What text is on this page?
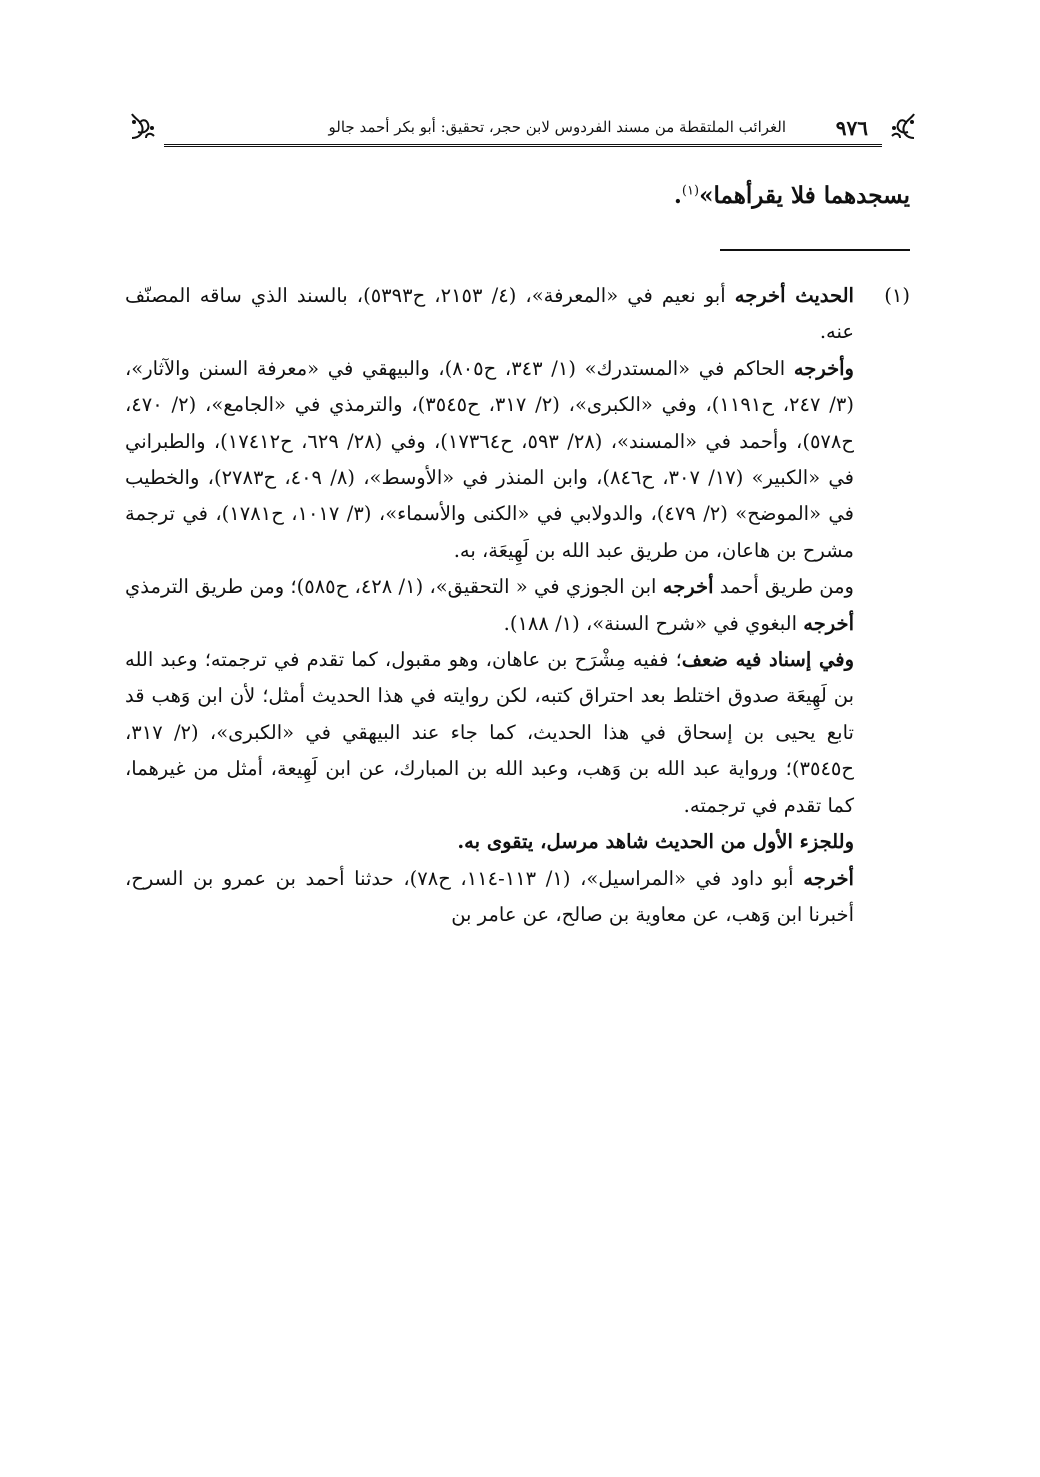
٩٧٦
الغرائب الملتقطة من مسند الفردوس لابن حجر، تحقيق: أبو بكر أحمد جالو
يسجدهما فلا يقرأهما»$^{(١)}$.
(١)

الحديث أخرجه أبو نعيم في «المعرفة»، (٤/ ٢١٥٣، ح٥٣٩٣)، بالسند الذي ساقه المصنّف عنه.

وأخرجه الحاكم في «المستدرك» (١/ ٣٤٣، ح٨٠٥)، والبيهقي في «معرفة السنن والآثار»، (٣/ ٢٤٧، ح١١٩١)، وفي «الكبرى»، (٢/ ٣١٧، ح٣٥٤٥)، والترمذي في «الجامع»، (٢/ ٤٧٠، ح٥٧٨)، وأحمد في «المسند»، (٢٨/ ٥٩٣، ح١٧٣٦٤)، وفي (٢٨/ ٦٢٩، ح١٧٤١٢)، والطبراني في «الكبير» (١٧/ ٣٠٧، ح٨٤٦)، وابن المنذر في «الأوسط»، (٨/ ٤٠٩، ح٢٧٨٣)، والخطيب في «الموضح» (٢/ ٤٧٩)، والدولابي في «الكنى والأسماء»، (٣/ ١٠١٧، ح١٧٨١)، في ترجمة مشرح بن هاعان، من طريق عبد الله بن لَهِيعَة، به.

ومن طريق أحمد أخرجه ابن الجوزي في « التحقيق»، (١/ ٤٢٨، ح٥٨٥)؛ ومن طريق الترمذي أخرجه البغوي في «شرح السنة»، (١/ ١٨٨).

وفي إسناد فيه ضعف؛ ففيه مِشْرَح بن عاهان، وهو مقبول، كما تقدم في ترجمته؛ وعبد الله بن لَهِيعَة صدوق اختلط بعد احتراق كتبه، لكن روايته في هذا الحديث أمثل؛ لأن ابن وَهب قد تابع يحيى بن إسحاق في هذا الحديث، كما جاء عند البيهقي في «الكبرى»، (٢/ ٣١٧، ح٣٥٤٥)؛ ورواية عبد الله بن وَهب، وعبد الله بن المبارك، عن ابن لَهِيعة، أمثل من غيرهما، كما تقدم في ترجمته.

وللجزء الأول من الحديث شاهد مرسل، يتقوى به.

أخرجه أبو داود في «المراسيل»، (١/ ١١٣-١١٤، ح٧٨)، حدثنا أحمد بن عمرو بن السرح، أخبرنا ابن وَهب، عن معاوية بن صالح، عن عامر بن
